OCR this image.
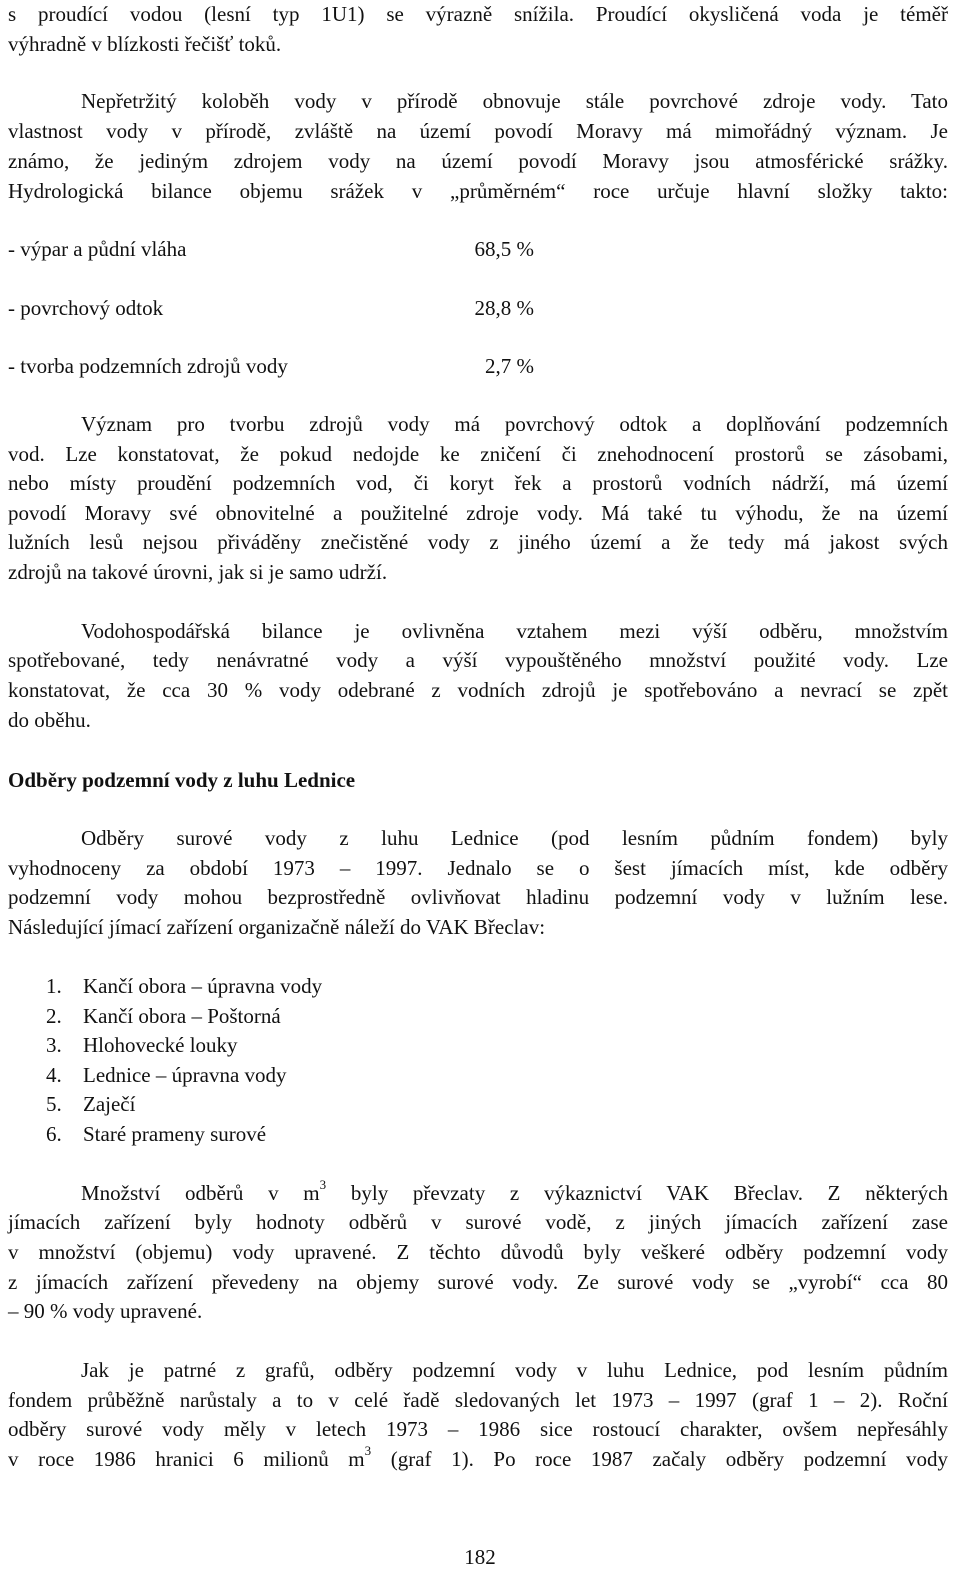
s proudící vodou (lesní typ 1U1) se výrazně snížila. Proudící okysličená voda je téměř
výhradně v blízkosti řečišť toků.
Nepřetržitý koloběh vody v přírodě obnovuje stále povrchové zdroje vody. Tato
vlastnost vody v přírodě, zvláště na území povodí Moravy má mimořádný význam. Je
známo, že jediným zdrojem vody na území povodí Moravy jsou atmosférické srážky.
Hydrologická bilance objemu srážek v „průměrném“ roce určuje hlavní složky takto:
- výpar a půdní vláha	68,5 %
- povrchový odtok	28,8 %
- tvorba podzemních zdrojů vody	2,7 %
Význam pro tvorbu zdrojů vody má povrchový odtok a doplňování podzemních
vod. Lze konstatovat, že pokud nedojde ke zničení či znehodnocení prostorů se zásobami,
nebo místy proudění podzemních vod, či koryt řek a prostorů vodních nádrží, má území
povodí Moravy své obnovitelné a použitelné zdroje vody. Má také tu výhodu, že na území
lužních lesů nejsou přiváděny znečistěné vody z jiného území a že tedy má jakost svých
zdrojů na takové úrovni, jak si je samo udrží.
Vodohospodářská bilance je ovlivněna vztahem mezi výší odběru, množstvím
spotřebované, tedy nenávratné vody a výší vypouštěného množství použité vody. Lze
konstatovat, že cca 30 % vody odebrané z vodních zdrojů je spotřebováno a nevrací se zpět
do oběhu.
Odběry podzemní vody z luhu Lednice
Odběry surové vody z luhu Lednice (pod lesním půdním fondem) byly
vyhodnoceny za období 1973 – 1997. Jednalo se o šest jímacích míst, kde odběry
podzemní vody mohou bezprostředně ovlivňovat hladinu podzemní vody v lužním lese.
Následující jímací zařízení organizačně náleží do VAK Břeclav:
1. Kančí obora – úpravna vody
2. Kančí obora – Poštorná
3. Hlohovecké louky
4. Lednice – úpravna vody
5. Zaječí
6. Staré prameny surové
Množství odběrů v $m^3$ byly převzaty z výkaznictví VAK Břeclav. Z některých
jímacích zařízení byly hodnoty odběrů v surové vodě, z jiných jímacích zařízení zase
v množství (objemu) vody upravené. Z těchto důvodů byly veškeré odběry podzemní vody
z jímacích zařízení převedeny na objemy surové vody. Ze surové vody se „vyrobí“ cca 80
– 90 % vody upravené.
Jak je patrné z grafů, odběry podzemní vody v luhu Lednice, pod lesním půdním
fondem průběžně narůstaly a to v celé řadě sledovaných let 1973 – 1997 (graf 1 – 2). Roční
odběry surové vody měly v letech 1973 – 1986 sice rostoucí charakter, ovšem nepřesáhly
v roce 1986 hranici 6 milionů $m^3$ (graf 1). Po roce 1987 začaly odběry podzemní vody
182
